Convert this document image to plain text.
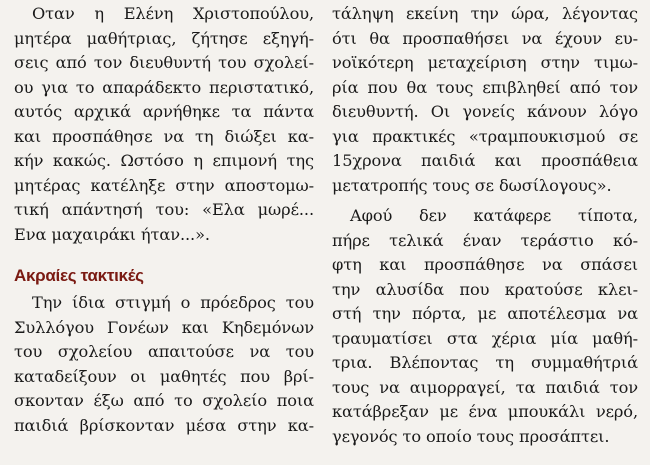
Οταν η Ελένη Χριστοπούλου,
μητέρα μαθήτριας, ζήτησε εξηγή-
σεις από τον διευθυντή του σχολεί-
ου για το απαράδεκτο περιστατικό,
αυτός αρχικά αρνήθηκε τα πάντα
και προσπάθησε να τη διώξει κα-
κήν κακώς. Ωστόσο η επιμονή της
μητέρας κατέληξε στην αποστομω-
τική απάντησή του: «Ελα μωρέ...
Ενα μαχαιράκι ήταν...».
Ακραίες τακτικές
Την ίδια στιγμή ο πρόεδρος του
Συλλόγου Γονέων και Κηδεμόνων
του σχολείου απαιτούσε να του
καταδείξουν οι μαθητές που βρί-
σκονταν έξω από το σχολείο ποια
παιδιά βρίσκονταν μέσα στην κα-
τάληψη εκείνη την ώρα, λέγοντας
ότι θα προσπαθήσει να έχουν ευ-
νοϊκότερη μεταχείριση στην τιμω-
ρία που θα τους επιβληθεί από τον
διευθυντή. Οι γονείς κάνουν λόγο
για πρακτικές «τραμπουκισμού σε
15χρονα παιδιά και προσπάθεια
μετατροπής τους σε δωσίλογους».
Αφού δεν κατάφερε τίποτα,
πήρε τελικά έναν τεράστιο κό-
φτη και προσπάθησε να σπάσει
την αλυσίδα που κρατούσε κλει-
στή την πόρτα, με αποτέλεσμα να
τραυματίσει στα χέρια μία μαθή-
τρια. Βλέποντας τη συμμαθήτριά
τους να αιμορραγεί, τα παιδιά τον
κατάβρεξαν με ένα μπουκάλι νερό,
γεγονός το οποίο τους προσάπτει.
